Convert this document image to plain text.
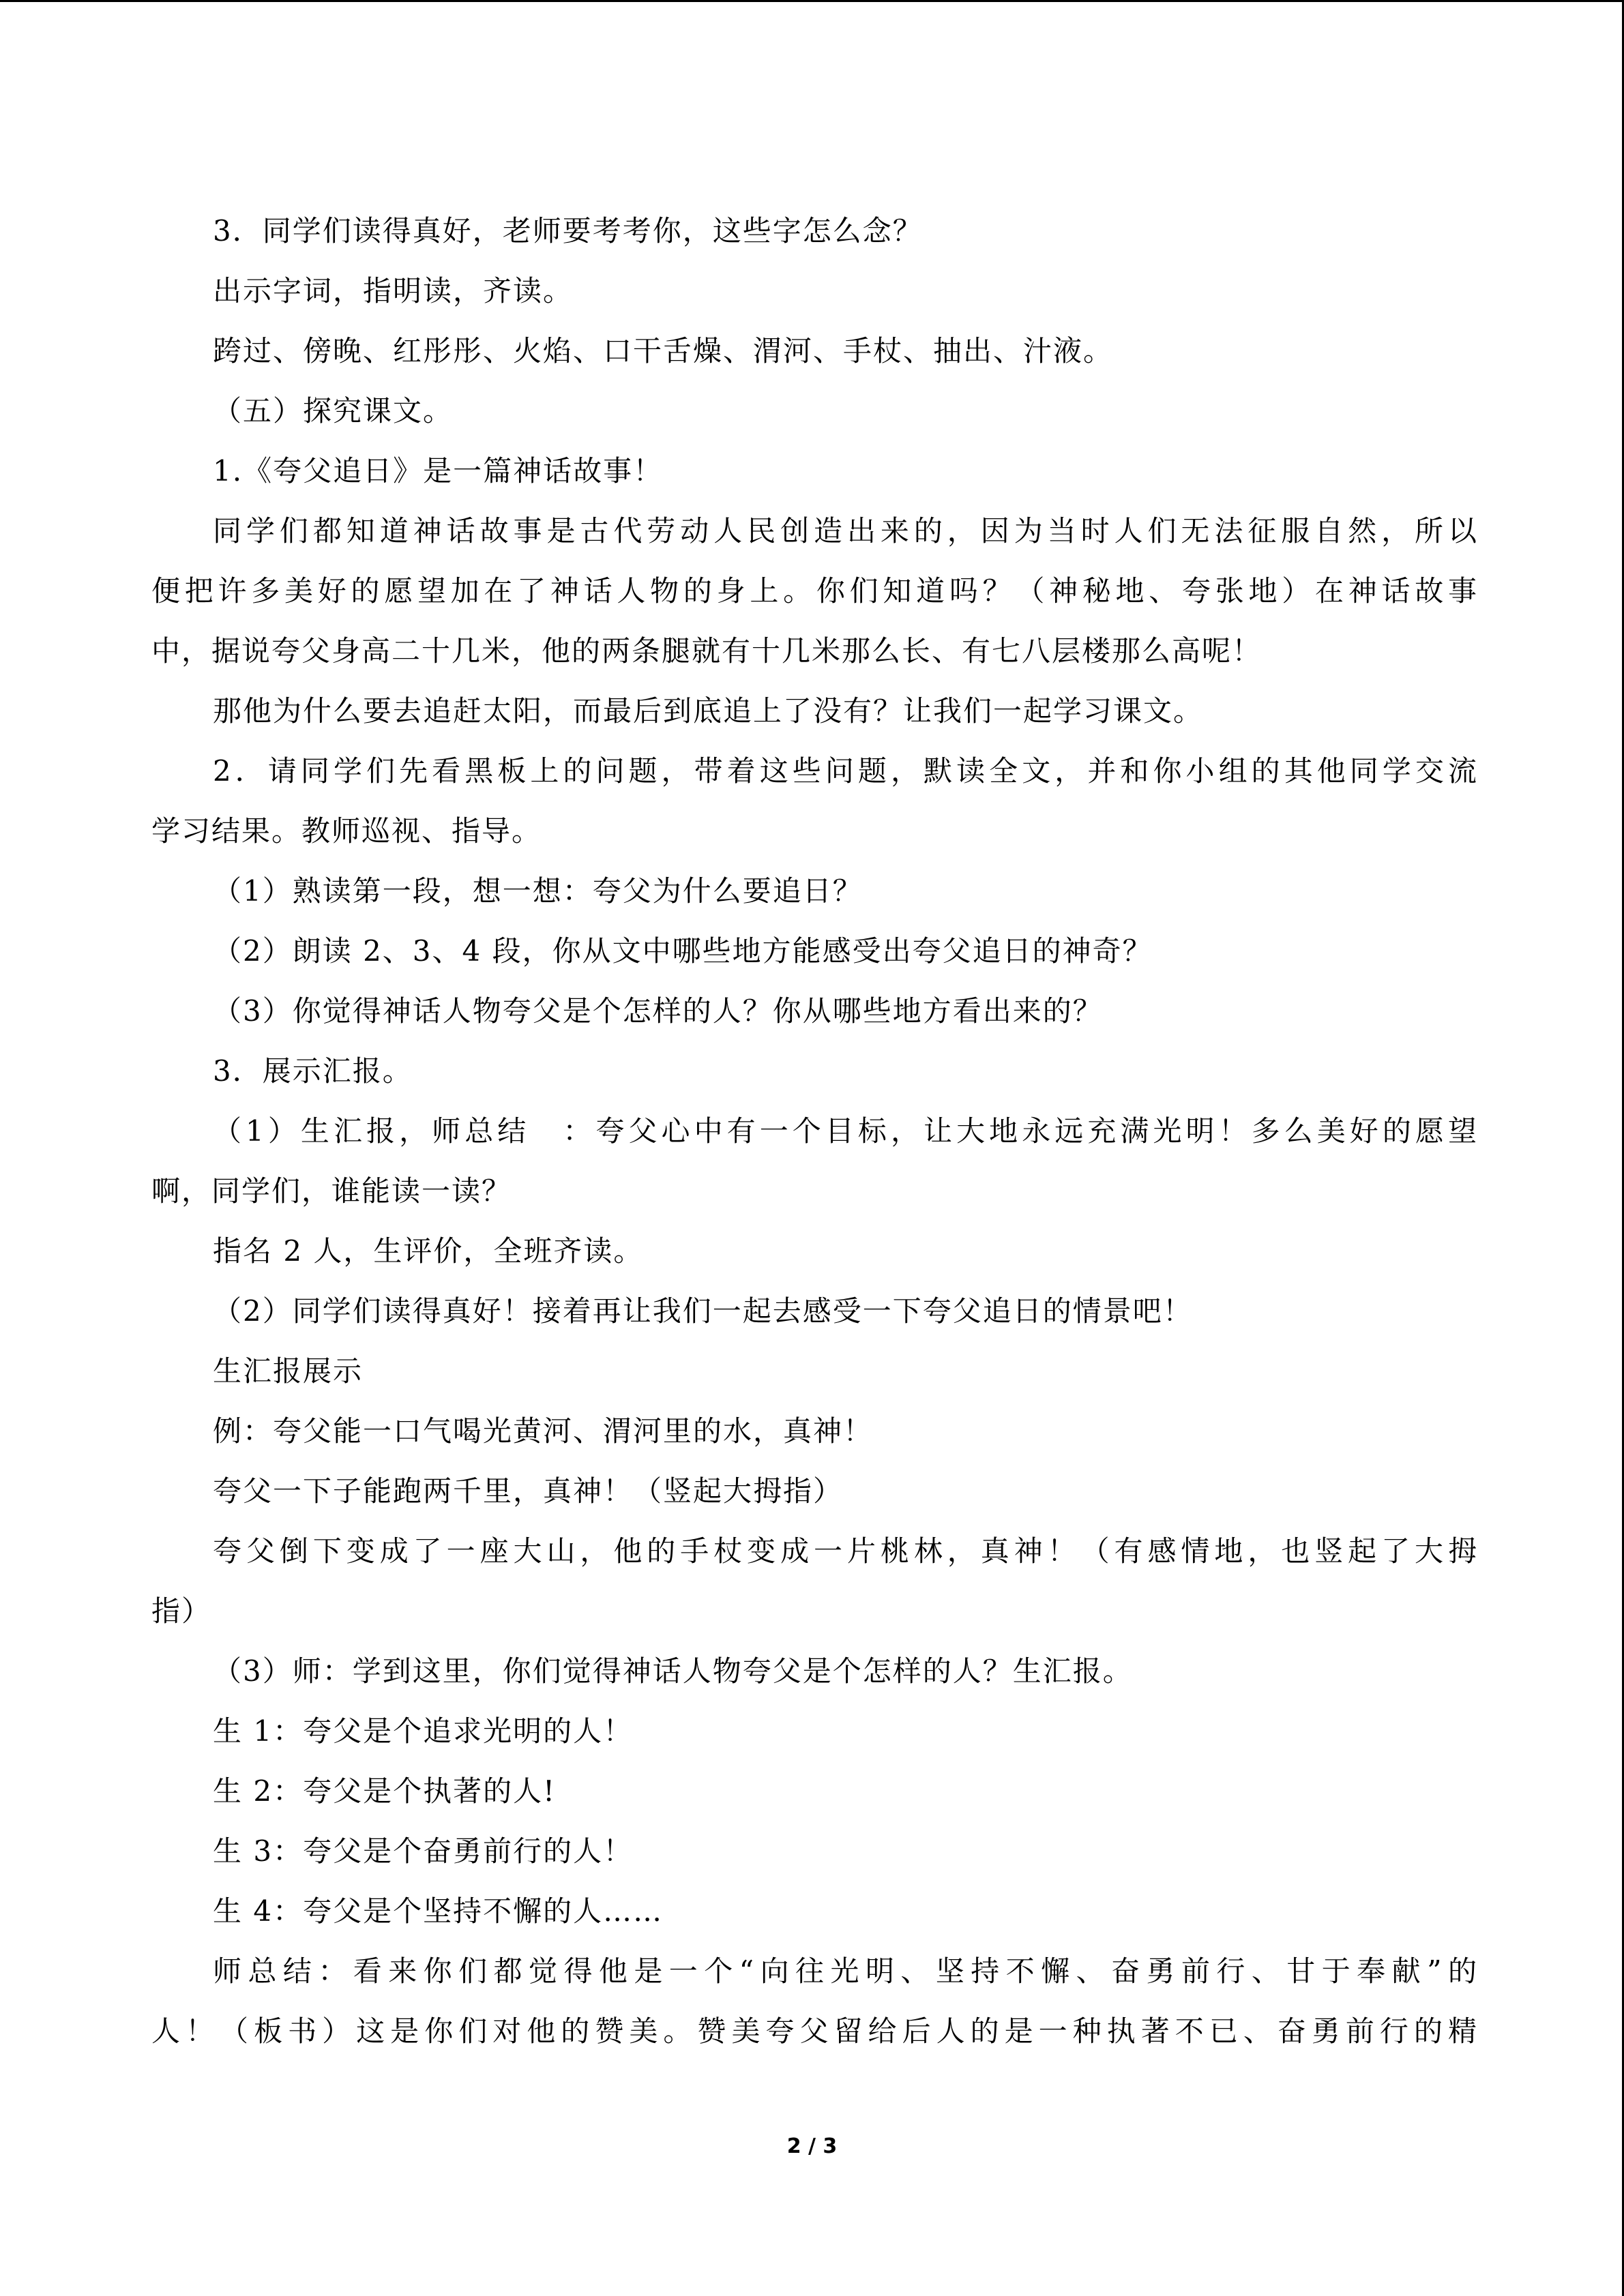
3．同学们读得真好，老师要考考你，这些字怎么念？
出示字词，指明读，齐读。
跨过、傍晚、红彤彤、火焰、口干舌燥、渭河、手杖、抽出、汁液。
（五）探究课文。
1.《夸父追日》是一篇神话故事！
同学们都知道神话故事是古代劳动人民创造出来的，因为当时人们无法征服自然，所以
便把许多美好的愿望加在了神话人物的身上。你们知道吗？（神秘地、夸张地）在神话故事
中，据说夸父身高二十几米，他的两条腿就有十几米那么长、有七八层楼那么高呢！
那他为什么要去追赶太阳，而最后到底追上了没有？让我们一起学习课文。
2．请同学们先看黑板上的问题，带着这些问题，默读全文，并和你小组的其他同学交流
学习结果。教师巡视、指导。
（1）熟读第一段，想一想：夸父为什么要追日？
（2）朗读 2、3、4 段，你从文中哪些地方能感受出夸父追日的神奇？
（3）你觉得神话人物夸父是个怎样的人？你从哪些地方看出来的？
3．展示汇报。
（1）生汇报，师总结　：夸父心中有一个目标，让大地永远充满光明！多么美好的愿望
啊，同学们，谁能读一读？
指名 2 人，生评价，全班齐读。
（2）同学们读得真好！接着再让我们一起去感受一下夸父追日的情景吧！
生汇报展示
例：夸父能一口气喝光黄河、渭河里的水，真神！
夸父一下子能跑两千里，真神！（竖起大拇指）
夸父倒下变成了一座大山，他的手杖变成一片桃林，真神！（有感情地，也竖起了大拇
指）
（3）师：学到这里，你们觉得神话人物夸父是个怎样的人？生汇报。
生 1：夸父是个追求光明的人！
生 2：夸父是个执著的人!
生 3：夸父是个奋勇前行的人！
生 4：夸父是个坚持不懈的人……
师总结：看来你们都觉得他是一个“向往光明、坚持不懈、奋勇前行、甘于奉献”的
人！（板书）这是你们对他的赞美。赞美夸父留给后人的是一种执著不已、奋勇前行的精
2 / 3
